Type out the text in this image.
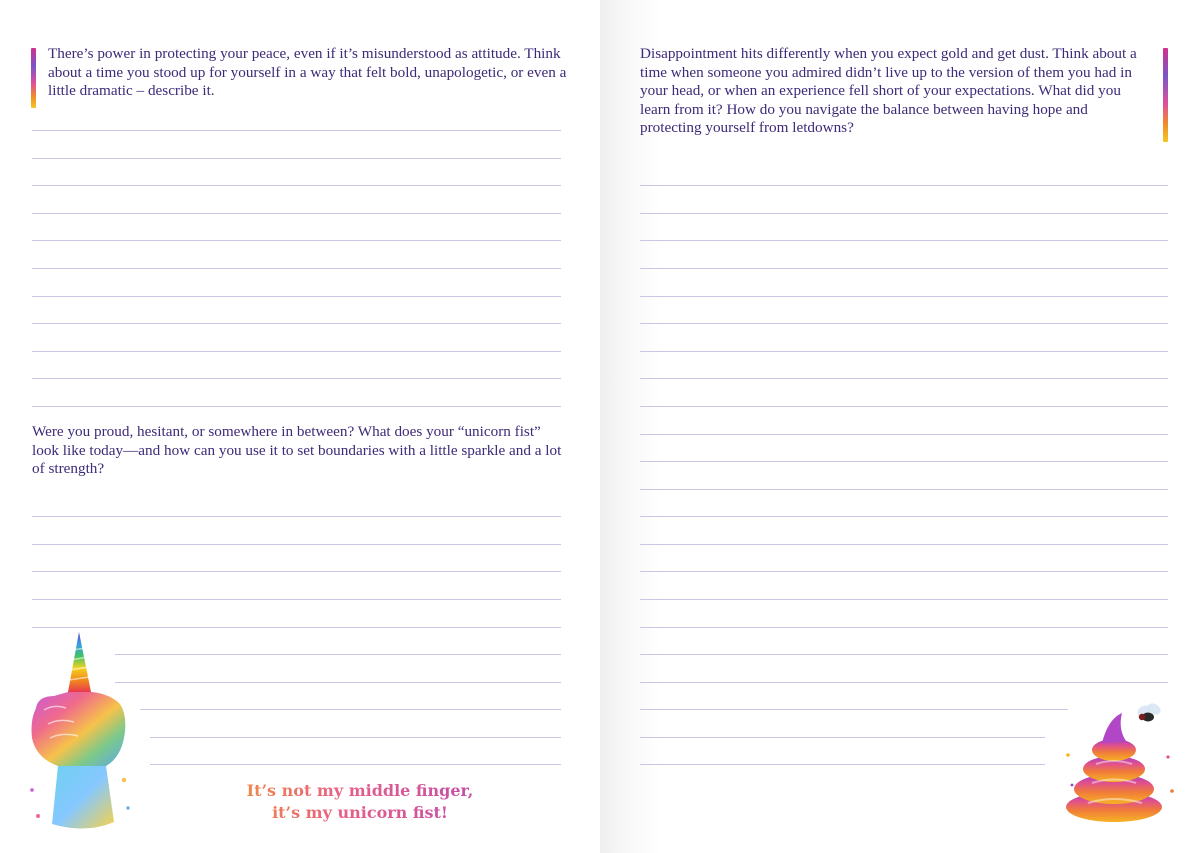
There’s power in protecting your peace, even if it’s misunderstood as attitude. Think about a time you stood up for yourself in a way that felt bold, unapologetic, or even a little dramatic – describe it.

Were you proud, hesitant, or somewhere in between? What does your “unicorn fist” look like today—and how can you use it to set boundaries with a little sparkle and a lot of strength?

It’s not my middle finger,
it’s my unicorn fist!

Disappointment hits differently when you expect gold and get dust. Think about a time when someone you admired didn’t live up to the version of them you had in your head, or when an experience fell short of your expectations. What did you learn from it? How do you navigate the balance between having hope and protecting yourself from letdowns?
